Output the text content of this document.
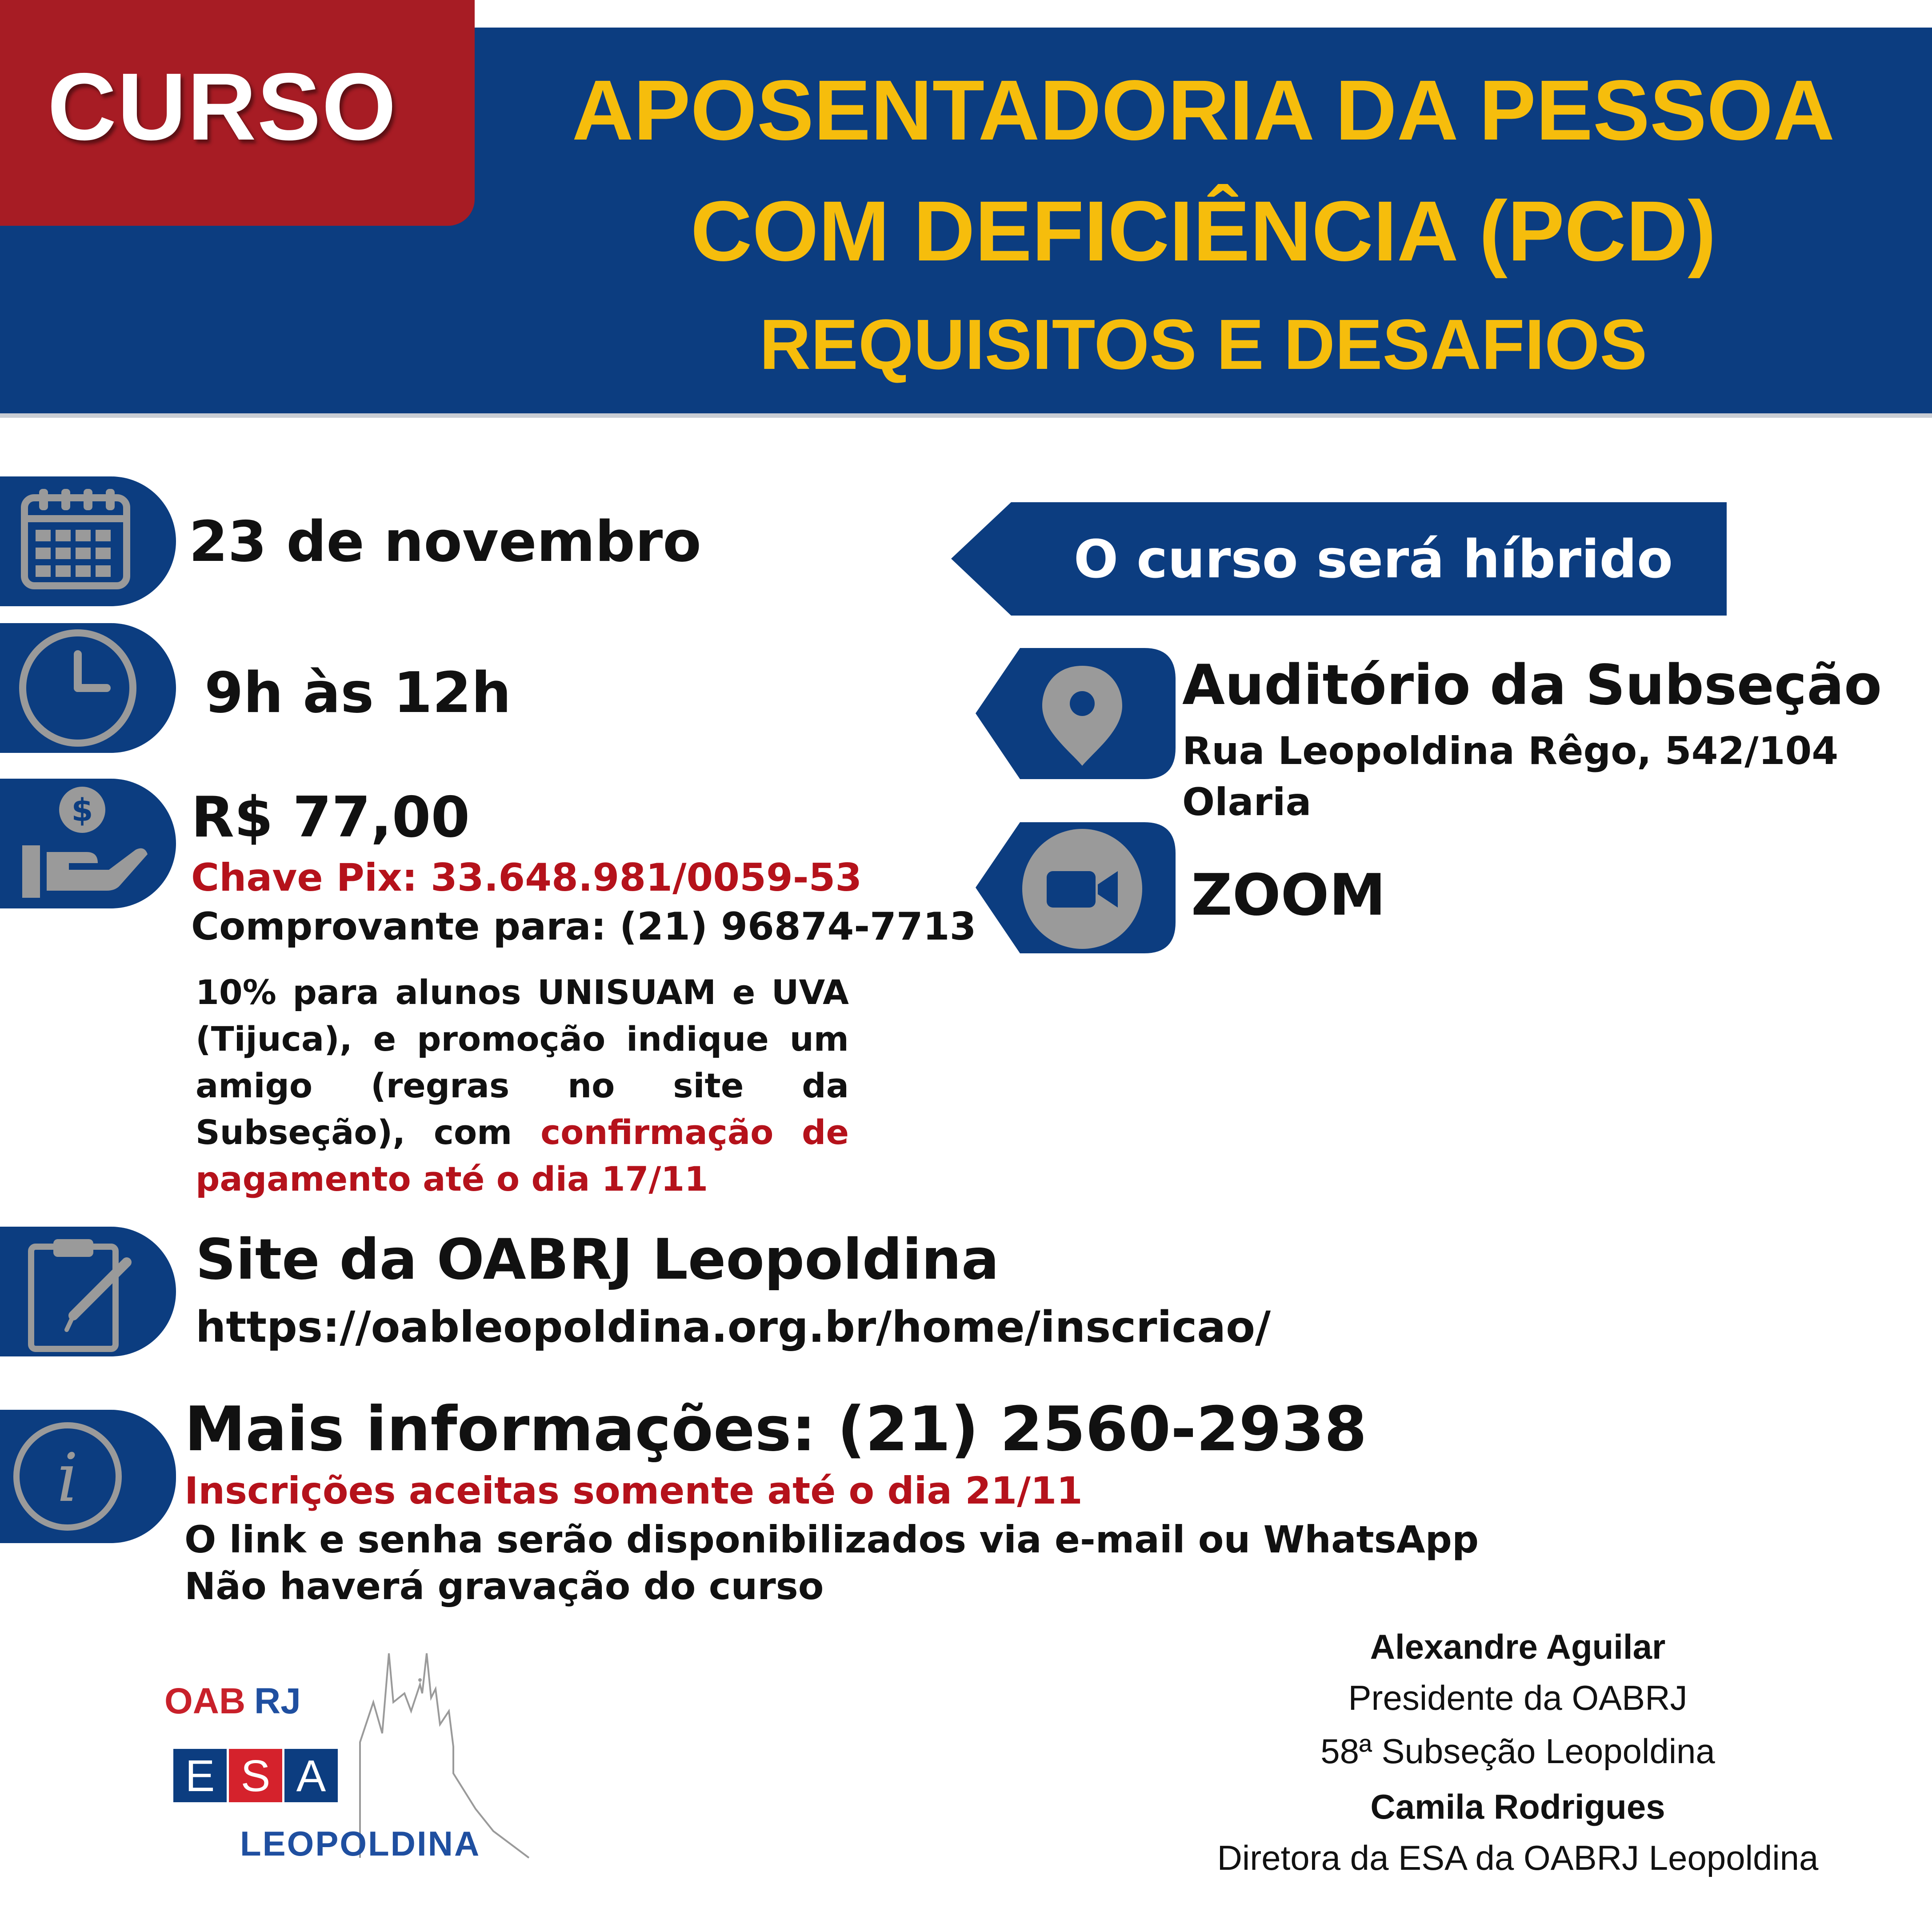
CURSO	APOSENTADORIA DA PESSOA
COM DEFICIÊNCIA (PCD)
REQUISITOS E DESAFIOS
23 de novembro
9h às 12h
$ R$ 77,00
Chave Pix: 33.648.981/0059-53
Comprovante para: (21) 96874-7713
10% para alunos UNISUAM e UVA (Tijuca), e promoção indique um amigo (regras no site da Subseção), com confirmação de pagamento até o dia 17/11
Site da OABRJ Leopoldina
https://oableopoldina.org.br/home/inscricao/
i
Mais informações: (21) 2560-2938
Inscrições aceitas somente até o dia 21/11
O link e senha serão disponibilizados via e-mail ou WhatsApp
Não haverá gravação do curso
O curso será híbrido
Auditório da Subseção
Rua Leopoldina Rêgo, 542/104
Olaria
ZOOM
OAB RJ
E S A
LEOPOLDINA
Alexandre Aguilar
Presidente da OABRJ
58ª Subseção Leopoldina
Camila Rodrigues
Diretora da ESA da OABRJ Leopoldina
